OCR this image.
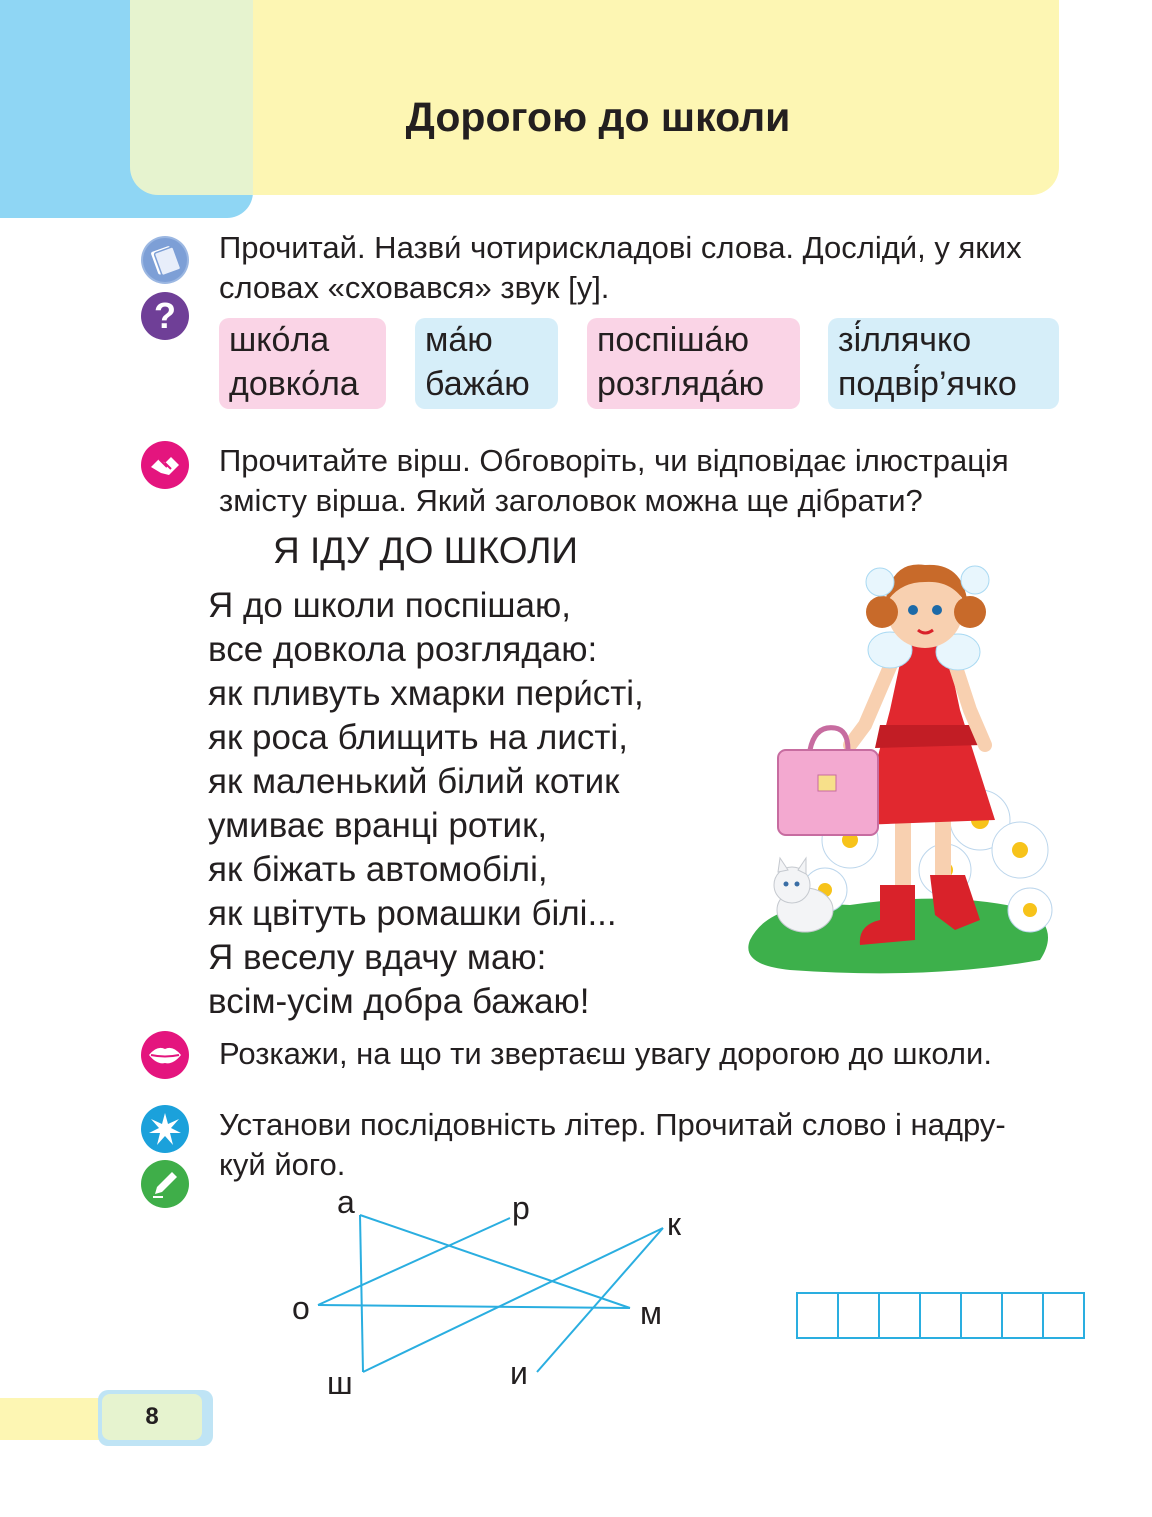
Дорогою до школи
?
Прочитай. Назви́ чотирискладові слова. Досліди́, у яких
словах «сховався» звук [у].
шко́ла
довко́ла
ма́ю
бажа́ю
поспіша́ю
розгляда́ю
зі́ллячко
подві́р’ячко
Прочитайте вірш. Обговоріть, чи відповідає ілюстрація
змісту вірша. Який заголовок можна ще дібрати?
Я ІДУ ДО ШКОЛИ
Я до школи поспішаю,
все довкола розглядаю:
як пливуть хмарки пери́сті,
як роса блищить на листі,
як маленький білий котик
умиває вранці ротик,
як біжать автомобілі,
як цвітуть ромашки білі...
Я веселу вдачу маю:
всім-усім добра бажаю!
Розкажи, на що ти звертаєш увагу дорогою до школи.
Установи послідовність літер. Прочитай слово і надру-
куй його.
а	р	к
о	м
ш	и
8
